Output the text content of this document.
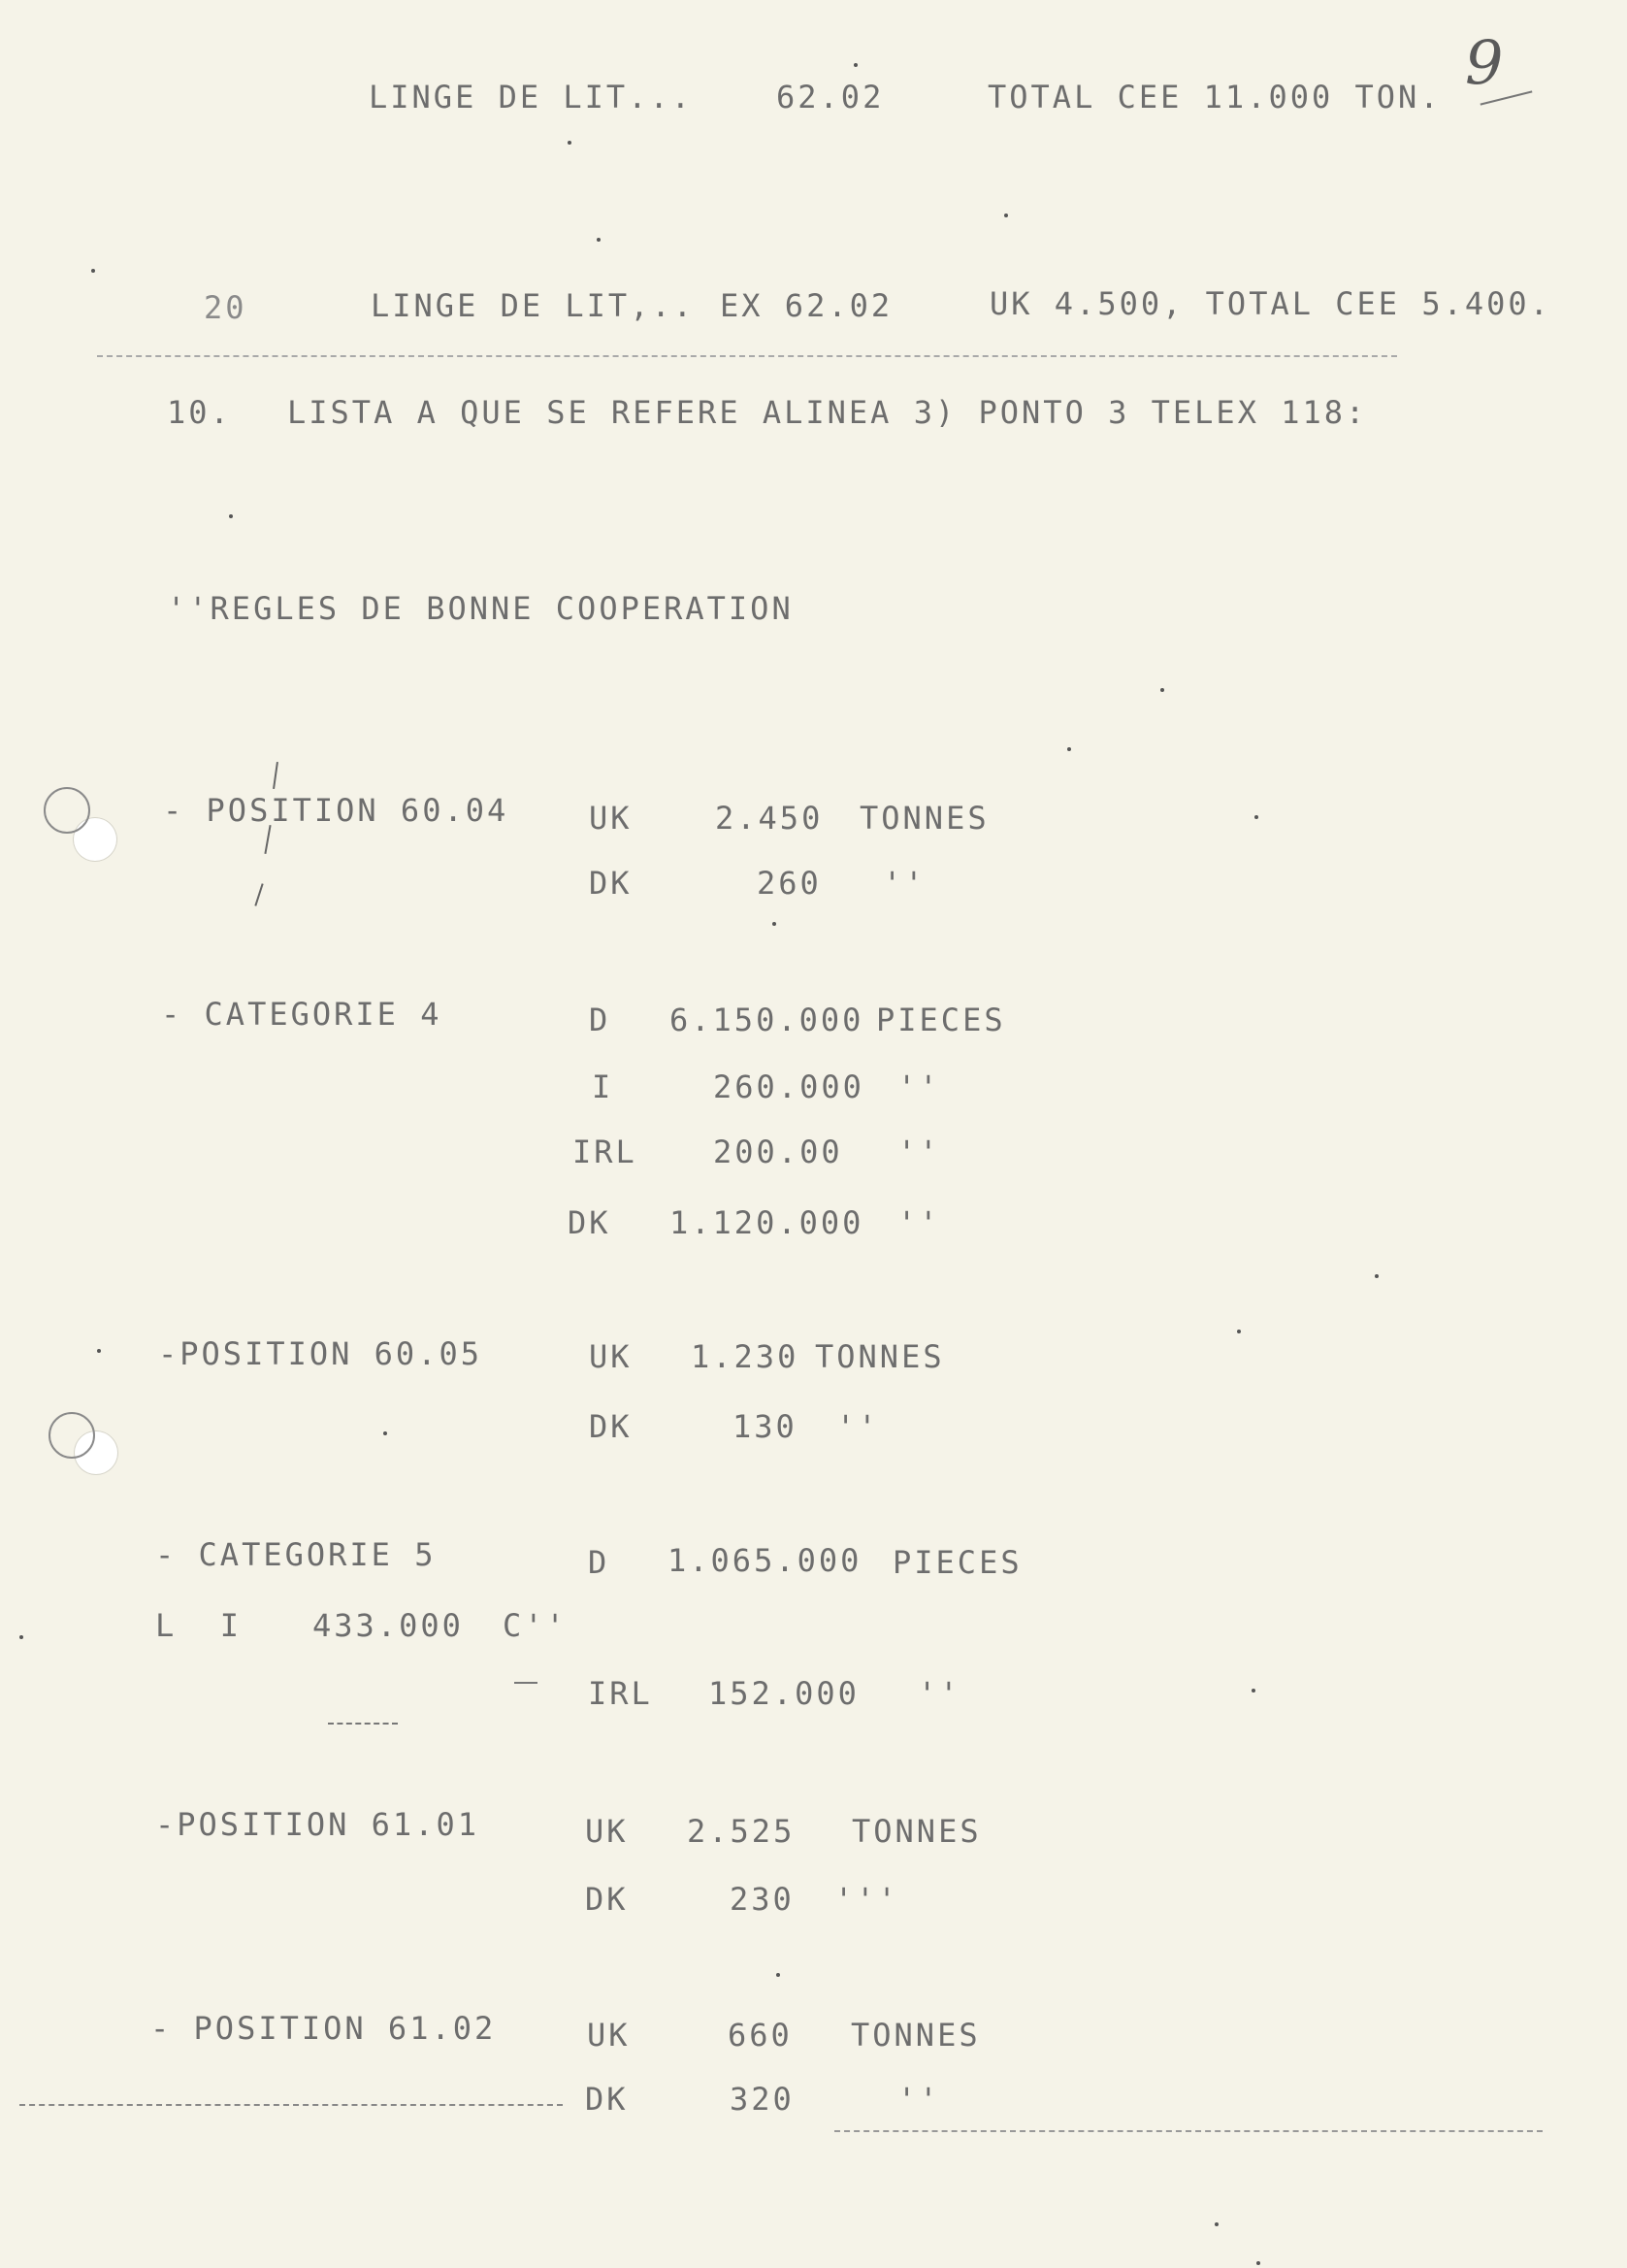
9
LINGE DE LIT...	62.02	TOTAL CEE 11.000 TON.
20	LINGE DE LIT,.. EX 62.02	UK 4.500, TOTAL CEE 5.400.
10. LISTA A QUE SE REFERE ALINEA 3) PONTO 3 TELEX 118:
''REGLES DE BONNE COOPERATION
- POSITION 60.04	UK	2.450 TONNES
DK	260 ''
- CATEGORIE 4	D 6.150.000 PIECES
I	260.000 ''
IRL 200.00 ''
DK 1.120.000 ''
-POSITION 60.05	UK 1.230 TONNES
DK	130 ''
- CATEGORIE 5	D 1.065.000 PIECES
L  I 433.000 C''
IRL 152.000 ''
-POSITION 61.01	UK 2.525 TONNES
DK	230 '''
- POSITION 61.02	UK	660 TONNES
DK	320	''
